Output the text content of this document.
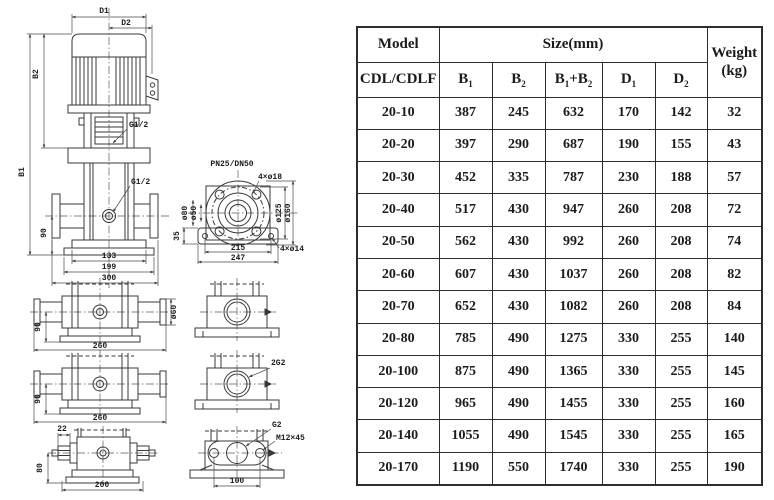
D1
D2
B1
B2
90
G1/2
G1/2
133
199
300
PN25/DN50
4×ø18
ø80 ø50	ø125 ø160
35
215
247
4×ø14
90
ø60
260
90
260
22
80
200
2G2
G2
M12×45
100
Model	Size(mm)					Weight
(kg)
CDL/CDLF	$B_1$	$B_2$	$B_1+B_2$	$D_1$	$D_2$
20-10	387	245	632	170	142	32
20-20	397	290	687	190	155	43
20-30	452	335	787	230	188	57
20-40	517	430	947	260	208	72
20-50	562	430	992	260	208	74
20-60	607	430	1037	260	208	82
20-70	652	430	1082	260	208	84
20-80	785	490	1275	330	255	140
20-100	875	490	1365	330	255	145
20-120	965	490	1455	330	255	160
20-140	1055	490	1545	330	255	165
20-170	1190	550	1740	330	255	190
